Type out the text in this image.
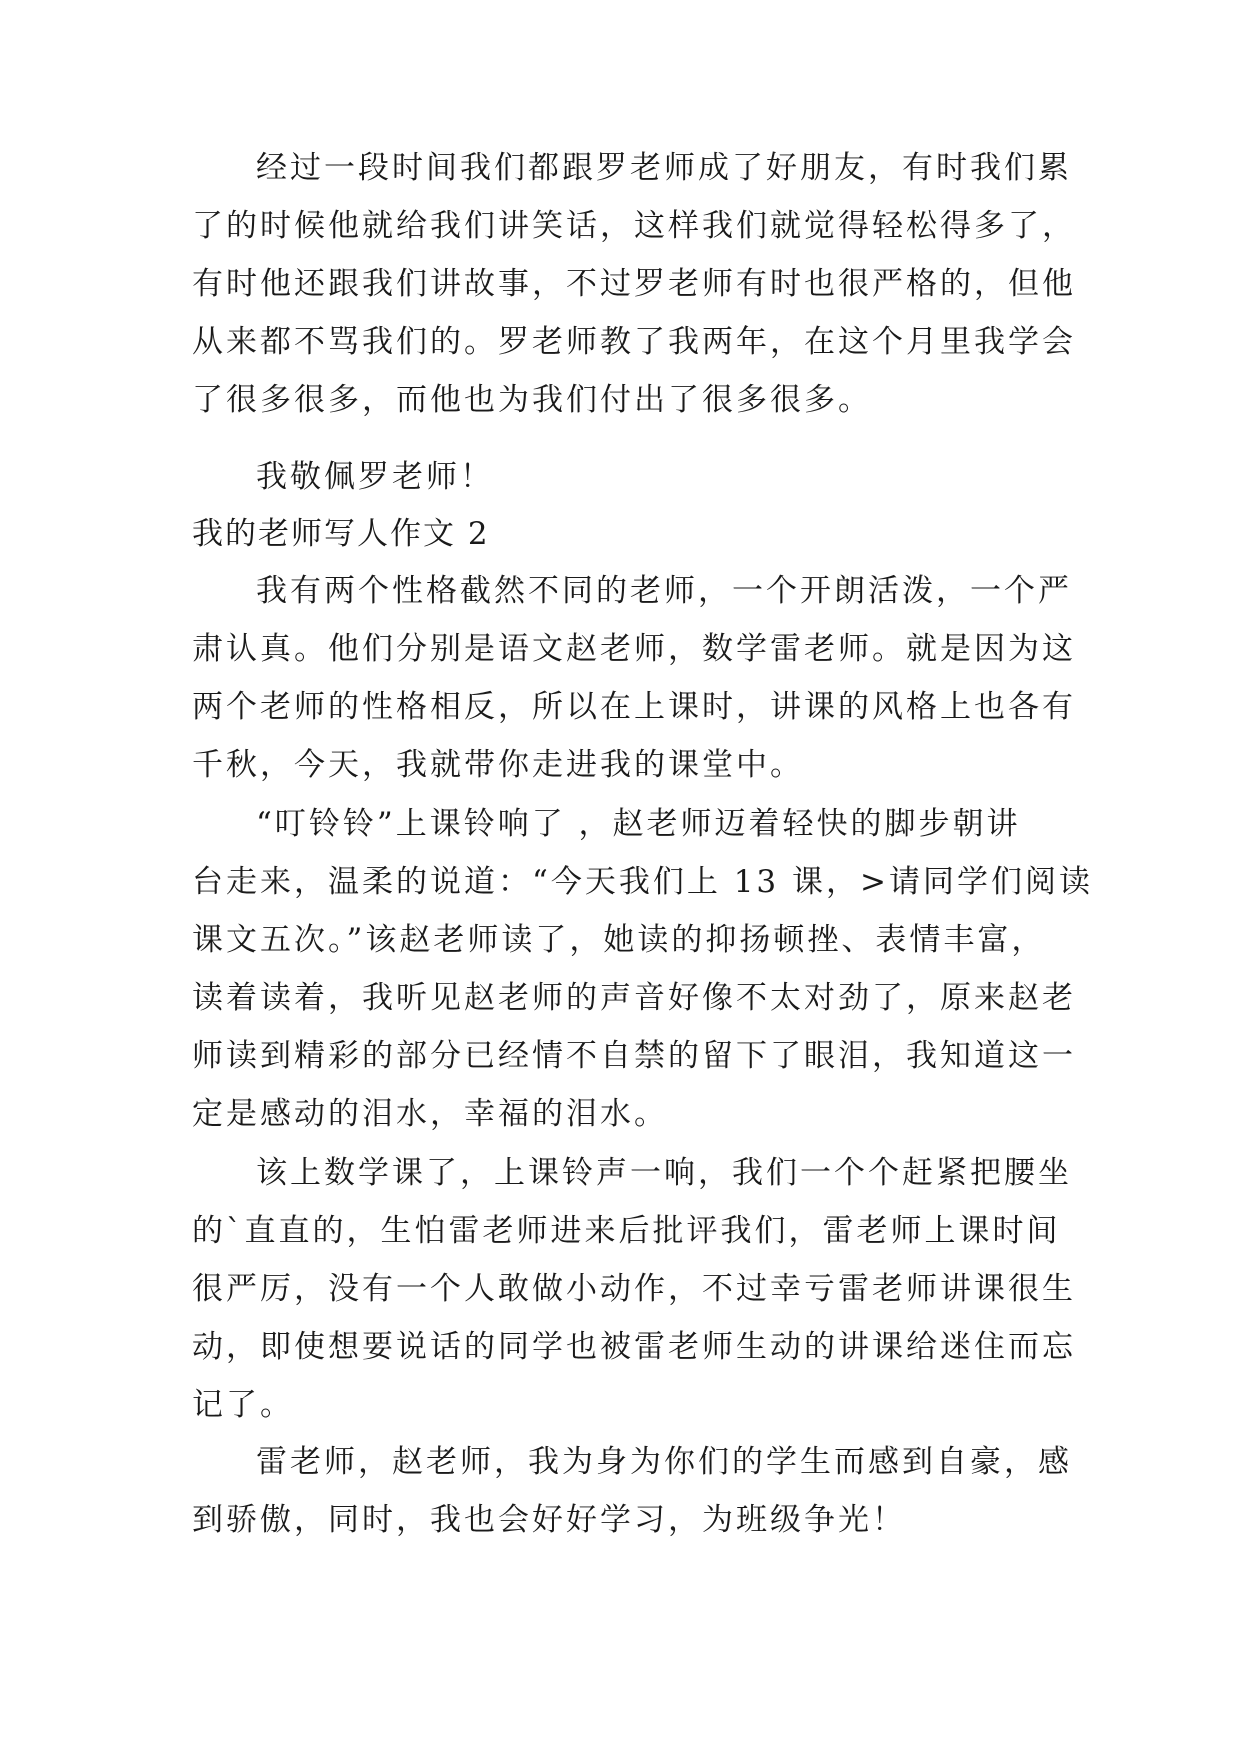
经过一段时间我们都跟罗老师成了好朋友，有时我们累
了的时候他就给我们讲笑话，这样我们就觉得轻松得多了，
有时他还跟我们讲故事，不过罗老师有时也很严格的，但他
从来都不骂我们的。罗老师教了我两年，在这个月里我学会
了很多很多，而他也为我们付出了很多很多。
我敬佩罗老师！
我的老师写人作文 2
我有两个性格截然不同的老师，一个开朗活泼，一个严
肃认真。他们分别是语文赵老师，数学雷老师。就是因为这
两个老师的性格相反，所以在上课时，讲课的风格上也各有
千秋，今天，我就带你走进我的课堂中。
“叮铃铃”上课铃响了 ，赵老师迈着轻快的脚步朝讲
台走来，温柔的说道：“今天我们上 13 课，>请同学们阅读
课文五次。”该赵老师读了，她读的抑扬顿挫、表情丰富，
读着读着，我听见赵老师的声音好像不太对劲了，原来赵老
师读到精彩的部分已经情不自禁的留下了眼泪，我知道这一
定是感动的泪水，幸福的泪水。
该上数学课了，上课铃声一响，我们一个个赶紧把腰坐
的`直直的，生怕雷老师进来后批评我们，雷老师上课时间
很严厉，没有一个人敢做小动作，不过幸亏雷老师讲课很生
动，即使想要说话的同学也被雷老师生动的讲课给迷住而忘
记了。
雷老师，赵老师，我为身为你们的学生而感到自豪，感
到骄傲，同时，我也会好好学习，为班级争光！
